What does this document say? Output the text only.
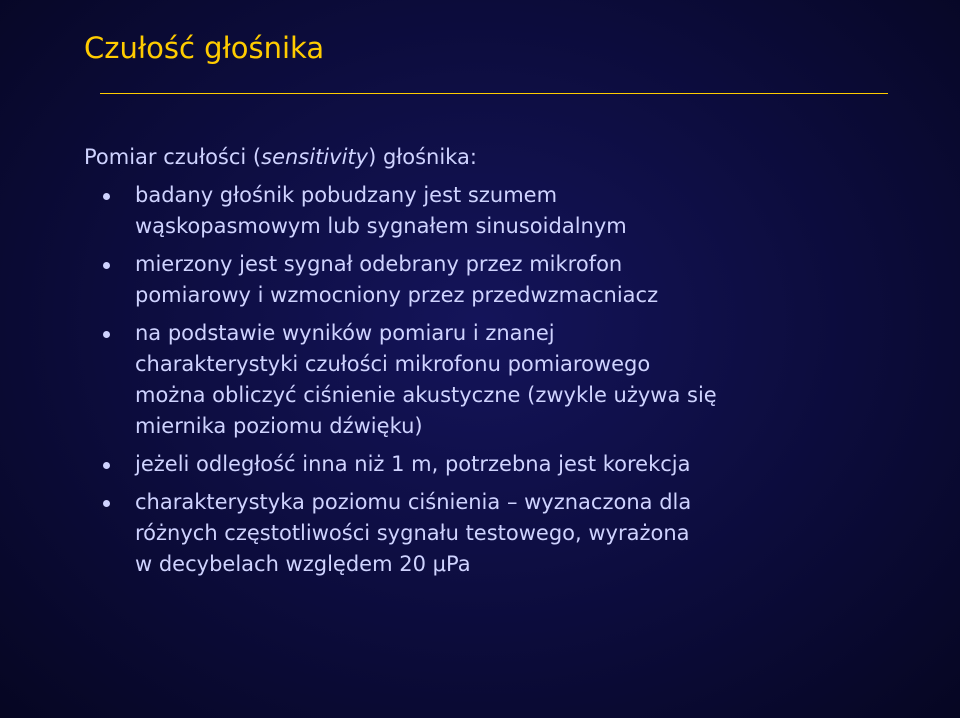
Czułość głośnika
Pomiar czułości (sensitivity) głośnika:
badany głośnik pobudzany jest szumem
wąskopasmowym lub sygnałem sinusoidalnym
mierzony jest sygnał odebrany przez mikrofon
pomiarowy i wzmocniony przez przedwzmacniacz
na podstawie wyników pomiaru i znanej
charakterystyki czułości mikrofonu pomiarowego
można obliczyć ciśnienie akustyczne (zwykle używa się
miernika poziomu dźwięku)
jeżeli odległość inna niż 1 m, potrzebna jest korekcja
charakterystyka poziomu ciśnienia – wyznaczona dla
różnych częstotliwości sygnału testowego, wyrażona
w decybelach względem 20 μPa
